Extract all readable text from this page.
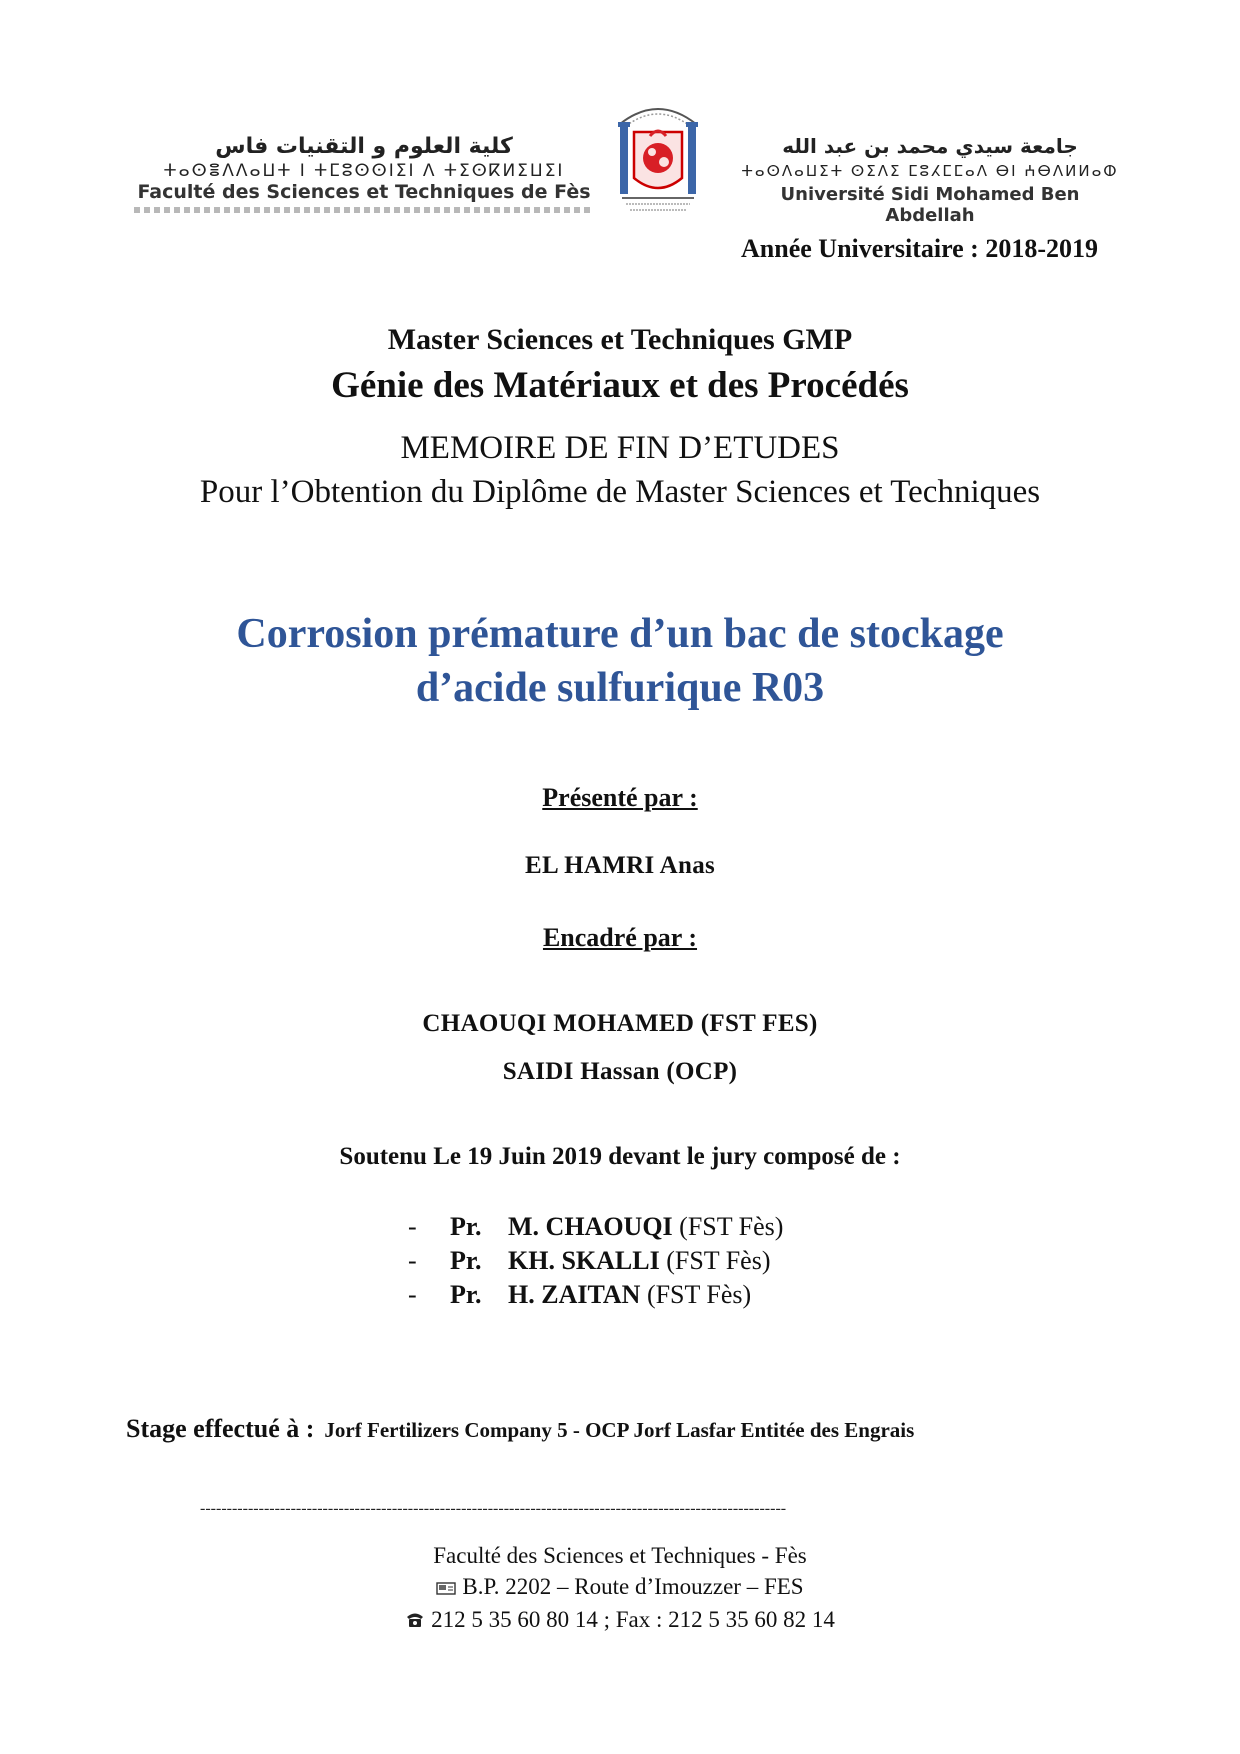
كلية العلوم و التقنيات فاس
ⵜⴰⵙⴻⴷⴷⴰⵡⵜ ⵏ ⵜⵎⵓⵙⵙⵏⵉⵏ ⴷ ⵜⵉⵙⴽⵍⵉⵡⵉⵏ
Faculté des Sciences et Techniques de Fès
جامعة سيدي محمد بن عبد الله
ⵜⴰⵙⴷⴰⵡⵉⵜ ⵙⵉⴷⵉ ⵎⵓⵃⵎⵎⴰⴷ ⴱⵏ ⵄⴱⴷⵍⵍⴰⵀ
Université Sidi Mohamed Ben Abdellah
Année Universitaire : 2018-2019
Master Sciences et Techniques GMP
Génie des Matériaux et des Procédés
MEMOIRE DE FIN D’ETUDES
Pour l’Obtention du Diplôme de Master Sciences et Techniques
Corrosion prémature d’un bac de stockage
d’acide sulfurique R03
Présenté par :
EL HAMRI Anas
Encadré par :
CHAOUQI MOHAMED (FST FES)
SAIDI Hassan (OCP)
Soutenu Le 19 Juin 2019 devant le jury composé de :
- Pr. M. CHAOUQI (FST Fès)
- Pr. KH. SKALLI (FST Fès)
- Pr. H. ZAITAN (FST Fès)
Stage effectué à : Jorf Fertilizers Company 5 - OCP Jorf Lasfar Entitée des Engrais
--------------------------------------------------------------------------------------------------------------
Faculté des Sciences et Techniques - Fès
B.P. 2202 – Route d’Imouzzer – FES
212 5 35 60 80 14 ; Fax : 212 5 35 60 82 14
